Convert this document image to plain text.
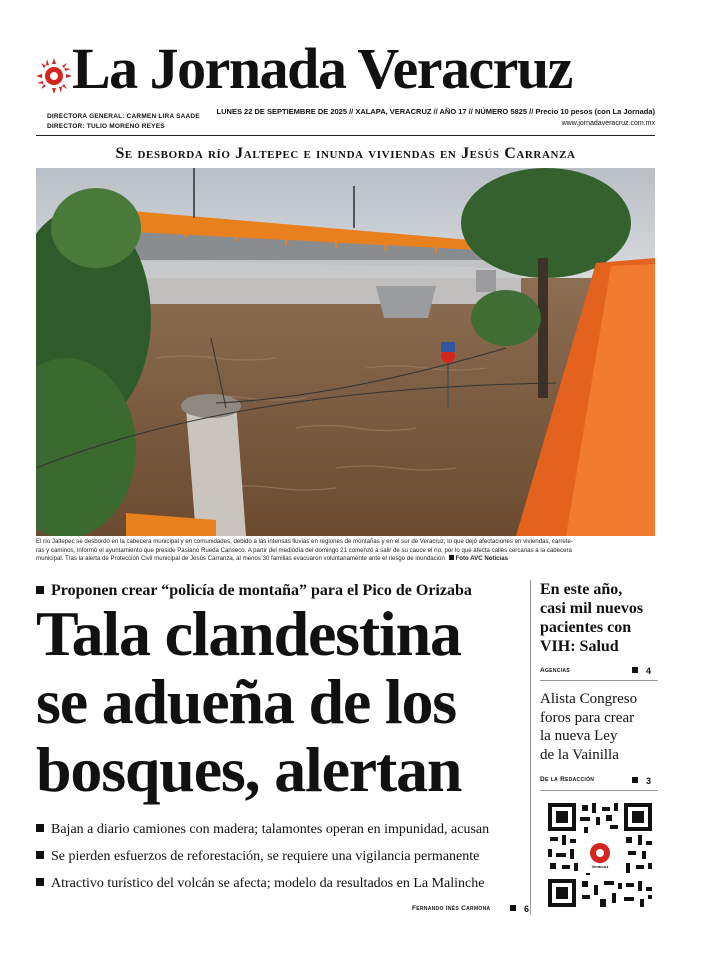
La Jornada Veracruz
DIRECTORA GENERAL: CARMEN LIRA SAADE
DIRECTOR: TULIO MORENO REYES
LUNES 22 DE SEPTIEMBRE DE 2025 // XALAPA, VERACRUZ // AÑO 17 // NÚMERO 5825 // Precio 10 pesos (con La Jornada)
www.jornadaveracruz.com.mx
Se desborda río Jaltepec e inunda viviendas en Jesús Carranza
El río Jaltepec se desbordó en la cabecera municipal y en comunidades, debido a las intensas lluvias en regiones de montañas y en el sur de Veracruz, lo que dejó afectaciones en viviendas, carrete-
ras y caminos, informó el ayuntamiento que preside Pasiano Rueda Canseco. A partir del mediodía del domingo 21 comenzó a salir de su cauce el río, por lo que afecta calles cercanas a la cabecera
municipal. Tras la alerta de Protección Civil municipal de Jesús Carranza, al menos 30 familias evacuaron voluntariamente ante el riesgo de inundación Foto AVC Noticias
Proponen crear “policía de montaña” para el Pico de Orizaba
Tala clandestina
se adueña de los
bosques, alertan
Bajan a diario camiones con madera; talamontes operan en impunidad, acusan
Se pierden esfuerzos de reforestación, se requiere una vigilancia permanente
Atractivo turístico del volcán se afecta; modelo da resultados en La Malinche
Fernando Inés Carmona	6
En este año,
casi mil nuevos
pacientes con
VIH: Salud
Agencias	4
Alista Congreso
foros para crear
la nueva Ley
de la Vainilla
De la Redacción	3
Veracruz
